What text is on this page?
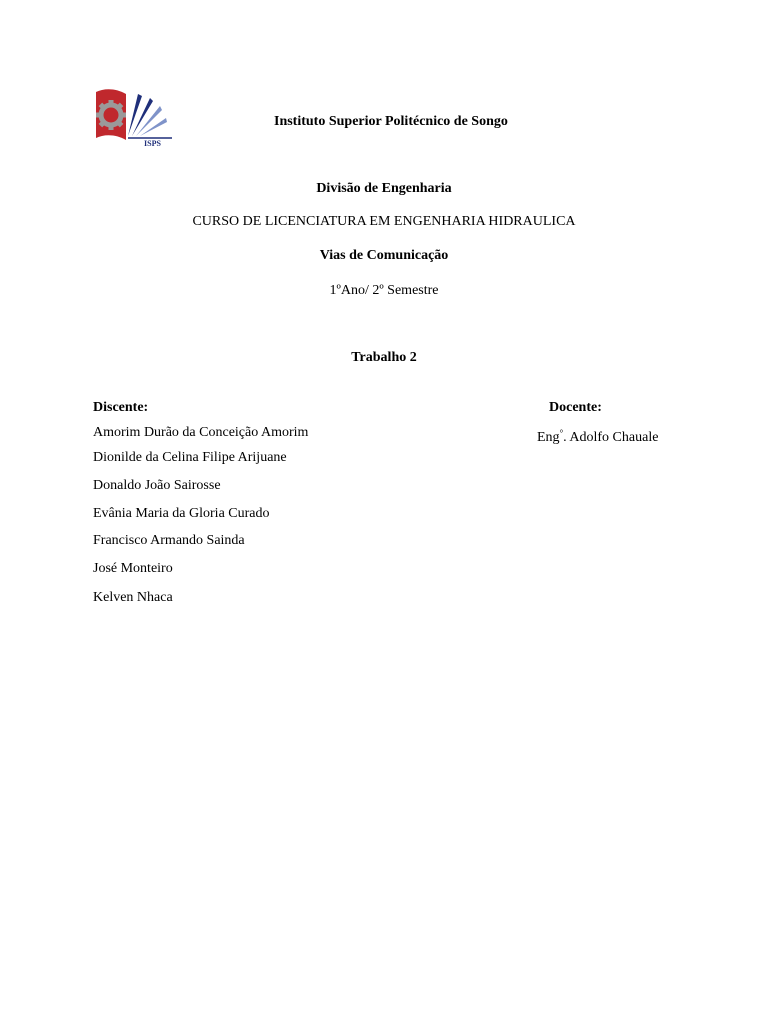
ISPS
Instituto Superior Politécnico de Songo
Divisão de Engenharia
CURSO DE LICENCIATURA EM ENGENHARIA HIDRAULICA
Vias de Comunicação
1ºAno/ 2º Semestre
Trabalho 2
Discente:	Docente:
Amorim Durão da Conceição Amorim	Eng°. Adolfo Chauale
Dionilde da Celina Filipe Arijuane
Donaldo João Sairosse
Evânia Maria da Gloria Curado
Francisco Armando Sainda
José Monteiro
Kelven Nhaca
